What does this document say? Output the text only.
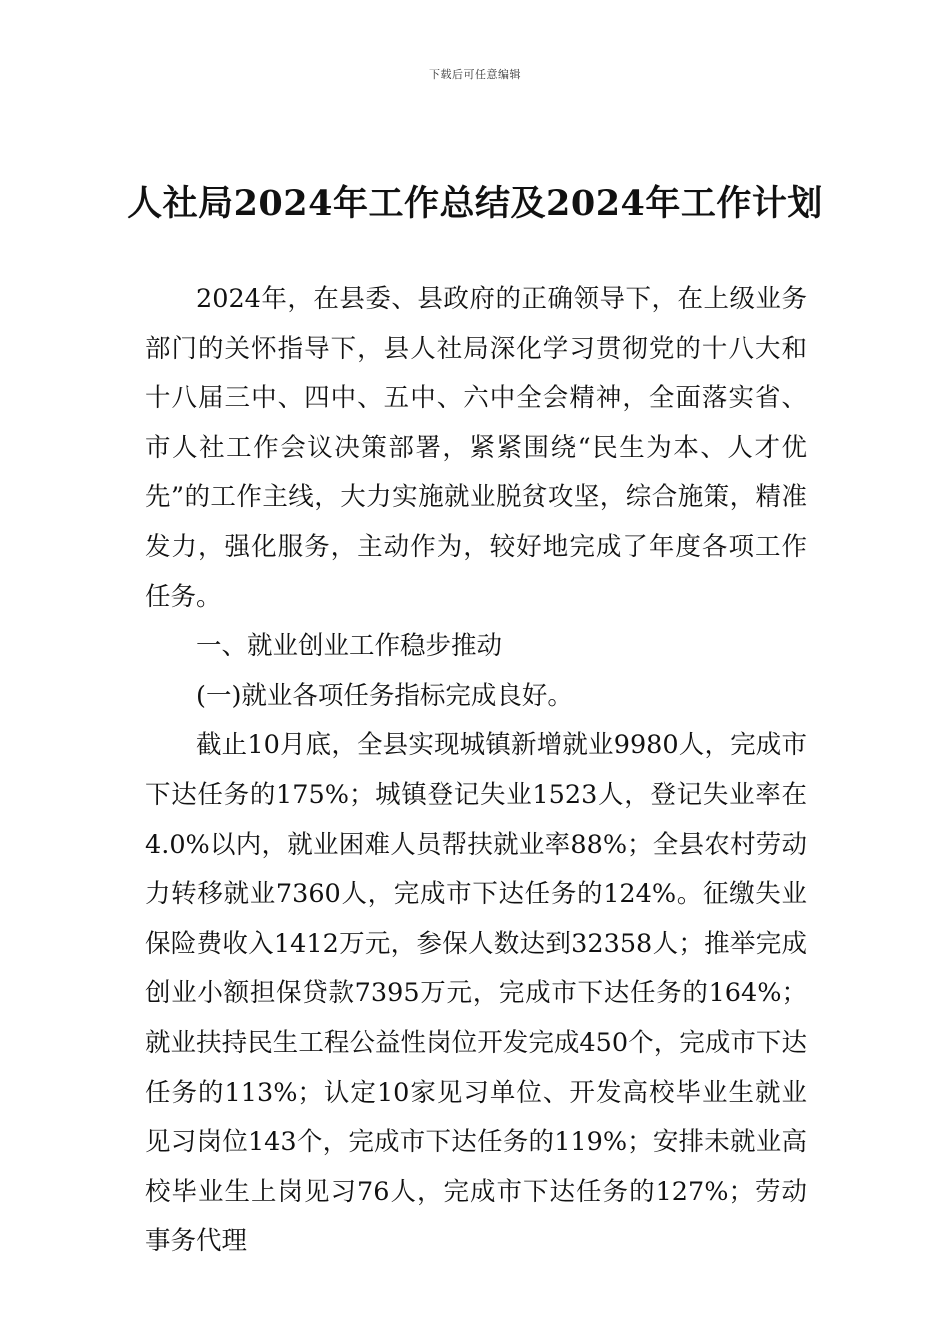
下载后可任意编辑
人社局2024年工作总结及2024年工作计划

2024年，在县委、县政府的正确领导下，在上级业务部门的关怀指导下，县人社局深化学习贯彻党的十八大和十八届三中、四中、五中、六中全会精神，全面落实省、市人社工作会议决策部署，紧紧围绕“民生为本、人才优先”的工作主线，大力实施就业脱贫攻坚，综合施策，精准发力，强化服务，主动作为，较好地完成了年度各项工作任务。

一、就业创业工作稳步推动

(一)就业各项任务指标完成良好。

截止10月底，全县实现城镇新增就业9980人，完成市下达任务的175%；城镇登记失业1523人，登记失业率在4.0%以内，就业困难人员帮扶就业率88%；全县农村劳动力转移就业7360人，完成市下达任务的124%。征缴失业保险费收入1412万元，参保人数达到32358人；推举完成创业小额担保贷款7395万元，完成市下达任务的164%；就业扶持民生工程公益性岗位开发完成450个，完成市下达任务的113%；认定10家见习单位、开发高校毕业生就业见习岗位143个，完成市下达任务的119%；安排未就业高校毕业生上岗见习76人，完成市下达任务的127%；劳动事务代理
